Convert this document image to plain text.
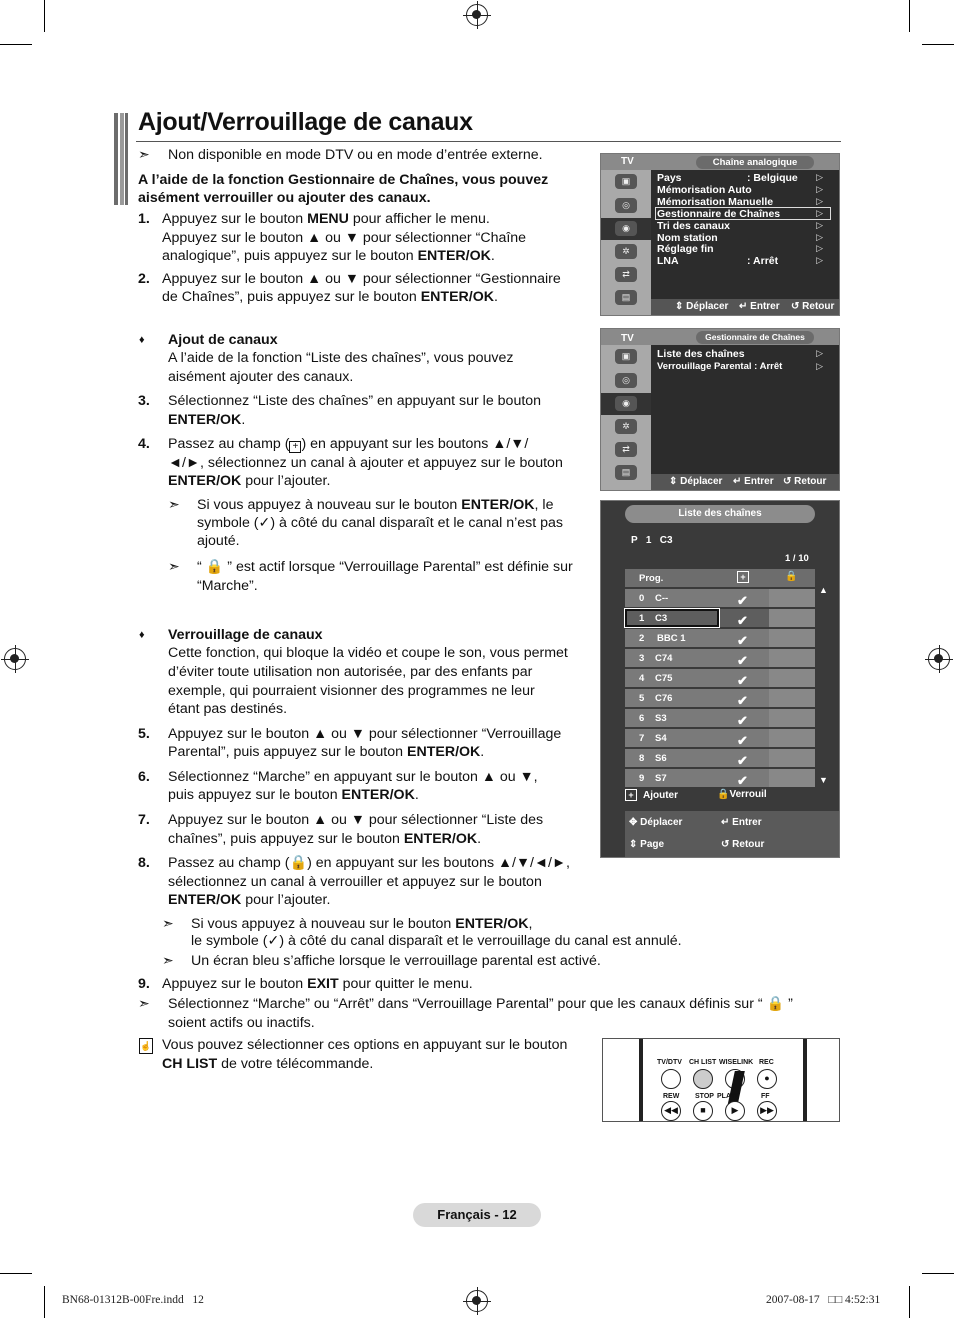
Ajout/Verrouillage de canaux
➣ Non disponible en mode DTV ou en mode d’entrée externe.
A l’aide de la fonction Gestionnaire de Chaînes, vous pouvez
aisément verrouiller ou ajouter des canaux.
1. Appuyez sur le bouton MENU pour afficher le menu.
Appuyez sur le bouton ▲ ou ▼ pour sélectionner “Chaîne
analogique”, puis appuyez sur le bouton ENTER/OK.
2. Appuyez sur le bouton ▲ ou ▼ pour sélectionner “Gestionnaire
de Chaînes”, puis appuyez sur le bouton ENTER/OK.
♦ Ajout de canaux
A l’aide de la fonction “Liste des chaînes”, vous pouvez
aisément ajouter des canaux.
3. Sélectionnez “Liste des chaînes” en appuyant sur le bouton
ENTER/OK.
4. Passez au champ ( + ) en appuyant sur les boutons ▲/▼/
◄/►, sélectionnez un canal à ajouter et appuyez sur le bouton
ENTER/OK pour l’ajouter.
➣ Si vous appuyez à nouveau sur le bouton ENTER/OK, le
symbole (✓) à côté du canal disparaît et le canal n’est pas
ajouté.
➣ “ 🔒 ” est actif lorsque “Verrouillage Parental” est définie sur
“Marche”.
♦ Verrouillage de canaux
Cette fonction, qui bloque la vidéo et coupe le son, vous permet
d’éviter toute utilisation non autorisée, par des enfants par
exemple, qui pourraient visionner des programmes ne leur
étant pas destinés.
5. Appuyez sur le bouton ▲ ou ▼ pour sélectionner “Verrouillage
Parental”, puis appuyez sur le bouton ENTER/OK.
6. Sélectionnez “Marche” en appuyant sur le bouton ▲ ou ▼,
puis appuyez sur le bouton ENTER/OK.
7. Appuyez sur le bouton ▲ ou ▼ pour sélectionner “Liste des
chaînes”, puis appuyez sur le bouton ENTER/OK.
8. Passez au champ (🔒) en appuyant sur les boutons ▲/▼/◄/►,
sélectionnez un canal à verrouiller et appuyez sur le bouton
ENTER/OK pour l’ajouter.
➣ Si vous appuyez à nouveau sur le bouton ENTER/OK,
le symbole (✓) à côté du canal disparaît et le verrouillage du canal est annulé.
➣ Un écran bleu s’affiche lorsque le verrouillage parental est activé.
9. Appuyez sur le bouton EXIT pour quitter le menu.
➣ Sélectionnez “Marche” ou “Arrêt” dans “Verrouillage Parental” pour que les canaux définis sur “ 🔒 ”
soient actifs ou inactifs.
☝ Vous pouvez sélectionner ces options en appuyant sur le bouton
CH LIST de votre télécommande.
TV	Chaîne analogique
▣
◎
◉
✲
⇄
▤
⇕ Déplacer ↵ Entrer ↺ Retour
Pays	: Belgique ▷
Mémorisation Auto	▷
Mémorisation Manuelle	▷
Gestionnaire de Chaînes	▷
Tri des canaux	▷
Nom station	▷
Réglage fin	▷
LNA	: Arrêt	▷
TV	Gestionnaire de Chaînes
▣
◎
◉
✲
⇄
▤
Liste des chaînes	▷
Verrouillage Parental : Arrêt	▷
⇕ Déplacer ↵ Entrer ↺ Retour
Liste des chaînes
P   1   C3
1 / 10
Prog.	+	🔒
▲
▼
+ Ajouter	🔒Verrouil
✥ Déplacer	↵ Entrer
⇕ Page	↺ Retour
0 C--	✔
1 C3	✔
2 BBC 1	✔
3 C74	✔
4 C75	✔
5 C76	✔
6 S3	✔
7 S4	✔
8 S6	✔
9 S7	✔
TV/DTV CH LIST WISELINK REC
●
REW STOP PLAY/	FF
◀◀	■	▶	▶▶
Français - 12
BN68-01312B-00Fre.indd   12	2007-08-17   □□ 4:52:31
